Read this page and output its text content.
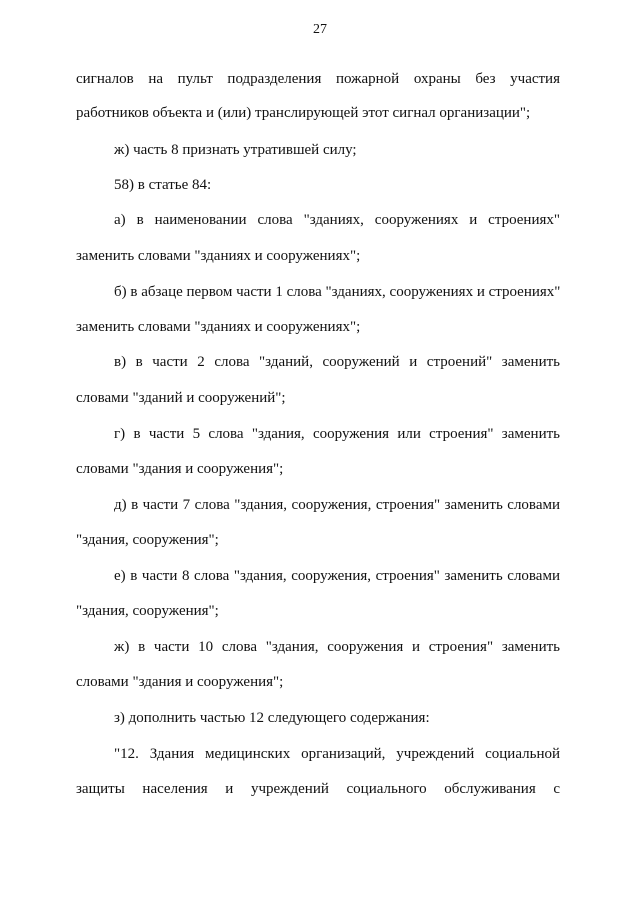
27
сигналов на пульт подразделения пожарной охраны без участия
работников объекта и (или) транслирующей этот сигнал организации";
ж) часть 8 признать утратившей силу;
58) в статье 84:
а) в наименовании слова "зданиях, сооружениях и строениях"
заменить словами "зданиях и сооружениях";
б) в абзаце первом части 1 слова "зданиях, сооружениях и строениях"
заменить словами "зданиях и сооружениях";
в) в части 2 слова "зданий, сооружений и строений" заменить
словами "зданий и сооружений";
г) в части 5 слова "здания, сооружения или строения" заменить
словами "здания и сооружения";
д) в части 7 слова "здания, сооружения, строения" заменить словами
"здания, сооружения";
е) в части 8 слова "здания, сооружения, строения" заменить словами
"здания, сооружения";
ж) в части 10 слова "здания, сооружения и строения" заменить
словами "здания и сооружения";
з) дополнить частью 12 следующего содержания:
"12. Здания медицинских организаций, учреждений социальной
защиты населения и учреждений социального обслуживания с
